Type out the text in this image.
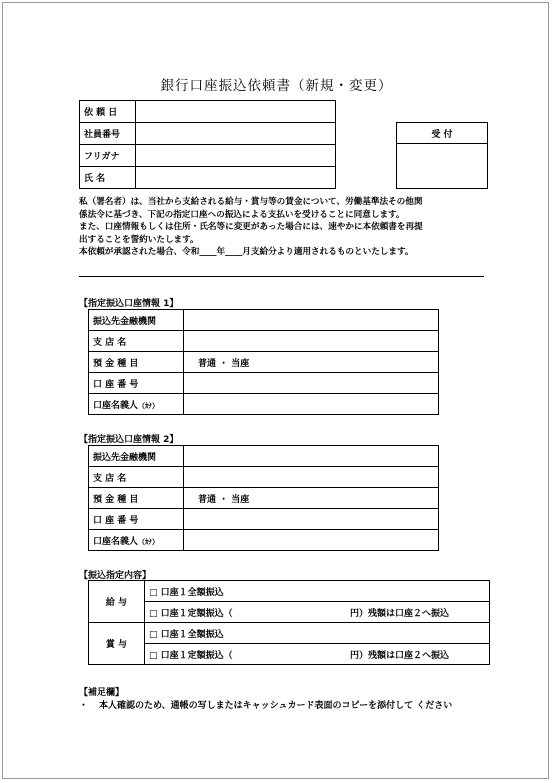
銀行口座振込依頼書（新規・変更）
依 頼 日	
社員番号	
フリガナ	
氏 名	
受 付

私（署名者）は、当社から支給される給与・賞与等の賃金について、労働基準法その他関

係法令に基づき、下記の指定口座への振込による支払いを受けることに同意します。

また、口座情報もしくは住所・氏名等に変更があった場合には、速やかに本依頼書を再提

出することを誓約いたします。

本依頼が承認された場合、令和____年____月支給分より適用されるものといたします。

【指定振込口座情報 1】
振込先金融機関	
支 店 名	
預 金 種 目	普通 ・ 当座
口 座 番 号	
口座名義人（ｶﾅ）	
【指定振込口座情報 2】
振込先金融機関	
支 店 名	
預 金 種 目	普通 ・ 当座
口 座 番 号	
口座名義人（ｶﾅ）	
【振込指定内容】
給 与	□ 口座１全額振込

	□ 口座１定額振込（ 円）残額は口座２へ振込

賞 与	□ 口座１全額振込

	□ 口座１定額振込（ 円）残額は口座２へ振込
【補足欄】
・ 本人確認のため、通帳の写しまたはキャッシュカード表面のコピーを添付して ください
